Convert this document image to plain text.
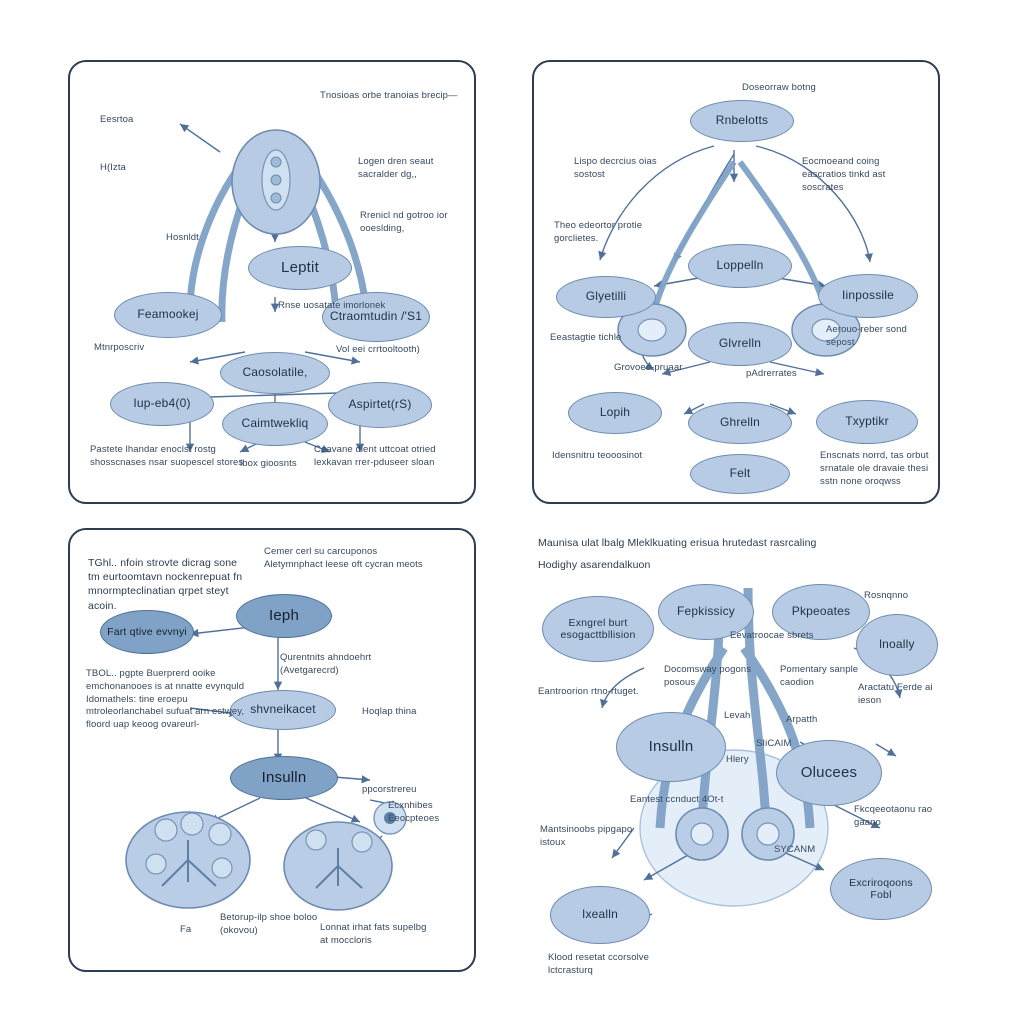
Leptit
Feamookej	Ctraomtudin /'S1
Caosolatile,
Iup-eb4(0)
Caimtwekliq
Aspirtet(rS)
Eesrtoa
H(Izta
Hosnldt
Tnosioas orbe tranoias brecip—
Logen dren seaut sacralder dg,,
Rrenicl nd gotroo ior ooeslding,
Rnse uosatate imorlonek
Mtnrposcriv	Vol eei crrtooltooth)
Pastete lhandar enoclst rostg shosscnases nsar suopescel stores
lbox gioosnts
Ceavane dient uttcoat otried lexkavan rrer-pduseer sloan
Rnbelotts
Loppelln
Glyetilli	Iinpossile
Glvrelln
Lopih
Ghrelln	Txyptikr
Felt
Doseorraw botng
Lispo decrcius oias sostost
Eocmoeand coing eascratios tinkd ast soscrates
Theo edeortor protie gorclietes.
Eeastagtie tichle
Aerouo-reber sond sepost
pAdrerrates
Grovoeo-pruaar
Idensnitru teooosinot	Enscnats norrd, tas orbut srnatale ole dravaie thesi sstn none oroqwss
Ieph
Fart qtive evvnyi
shvneikacet
Insulln
TGhl.. nfoin strovte dicrag sone tm eurtoomtavn nockenrepuat fn mnormpteclinatian qrpet steyt acoin.
Cemer cerl su carcuponos Aletymnphact leese oft cycran meots
Qurentnits ahndoehrt (Avetgarecrd)
TBOL.. pgpte Buerprerd ooike emchonanooes is at nnatte evynquld Idomathels: tine eroepu mtroleorlanchabel sufuat arn estwey, floord uap keoog ovareurl-
Hoqlap thina
ppcorstrereu
Ecxnhibes Eeocpteoes
Fa
Betorup-ilp shoe boloo (okovou)	Lonnat irhat fats supelbg at moccloris
Exngrel burt esogacttbllision
Fepkissicy	Pkpeoates
lnoally
Insulln
Olucees
Ixealln
Excriroqoons Fobl
Maunisa ulat lbalg Mleklkuating erisua hrutedast rasrcaling
Hodighy asarendalkuon
Rosnqnno
Eevatroocae sbrets
Docomsway pogons posous
Pomentary sanple caodion
Eantroorion rtno-rtuget.	Aractatu Ferde ai ieson
Levah	Arpatth
SIiCAIM
Hlery
Eantest ccnduct 4Ot-t
Mantsinoobs pipgapo istoux
Fkcqeeotaonu rao gaano
SYCANM
Klood resetat ccorsolve lctcrasturq
